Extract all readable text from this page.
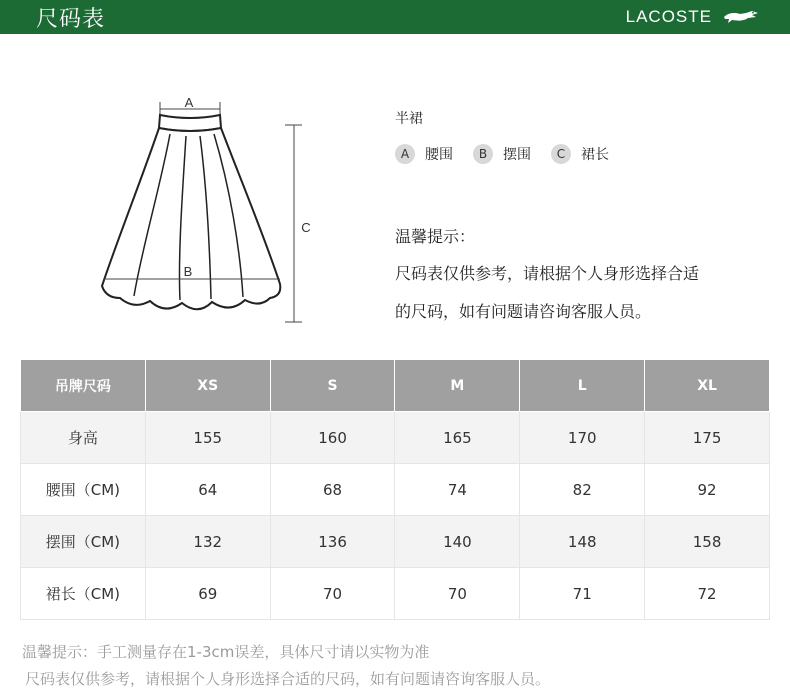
尺码表	LACOSTE
A
B
C
半裙
A	腰围	B	摆围	C	裙长
温馨提示：
尺码表仅供参考，请根据个人身形选择合适
的尺码，如有问题请咨询客服人员。
吊牌尺码	XS	S	M	L	XL
身高	155	160	165	170	175
腰围（CM)	64	68	74	82	92
摆围（CM)	132	136	140	148	158
裙长（CM)	69	70	70	71	72
温馨提示：手工测量存在1-3cm误差，具体尺寸请以实物为准
尺码表仅供参考，请根据个人身形选择合适的尺码，如有问题请咨询客服人员。
